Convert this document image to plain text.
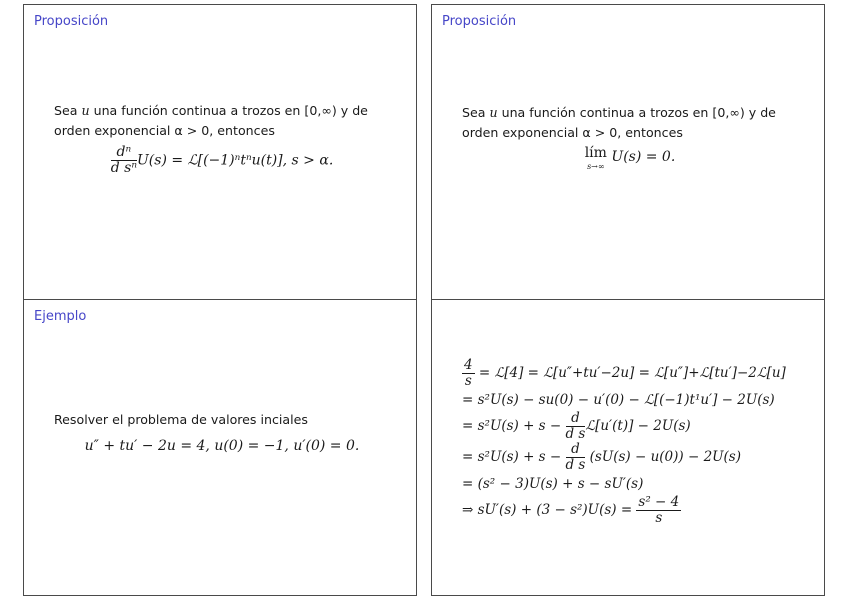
Proposición
Sea u una función continua a trozos en [0,∞) y de
orden exponencial α > 0, entonces
$\frac{\text{dⁿ}}{\text{d sⁿ}} U(s)$ = ℒ[(−1)ⁿtⁿu(t)], s > α.
Proposición
Sea u una función continua a trozos en [0,∞) y de
orden exponencial α > 0, entonces
lím
s→∞
U(s) = 0.
Ejemplo
Resolver el problema de valores inciales
u″ + tu′ − 2u = 4, u(0) = −1, u′(0) = 0.
$\frac{4}{s}$ = ℒ[4] = ℒ[u″+tu′−2u] = ℒ[u″]+ℒ[tu′]−2ℒ[u]
= s²U(s) − su(0) − u′(0) − ℒ[(−1)t¹u′] − 2U(s)
= $s^2U(s) + s - \frac{d}{\text{d s}}$ ℒ[u′(t)] − 2U(s)
= $s^2U(s) + s - \frac{d}{\text{d s}} (sU(s) - u(0)) - 2U(s)$
= (s² − 3)U(s) + s − sU′(s)
⇒ $sU'(s) + (3 - s^2)U(s) = \frac{\text{s² − 4}}{s}$
